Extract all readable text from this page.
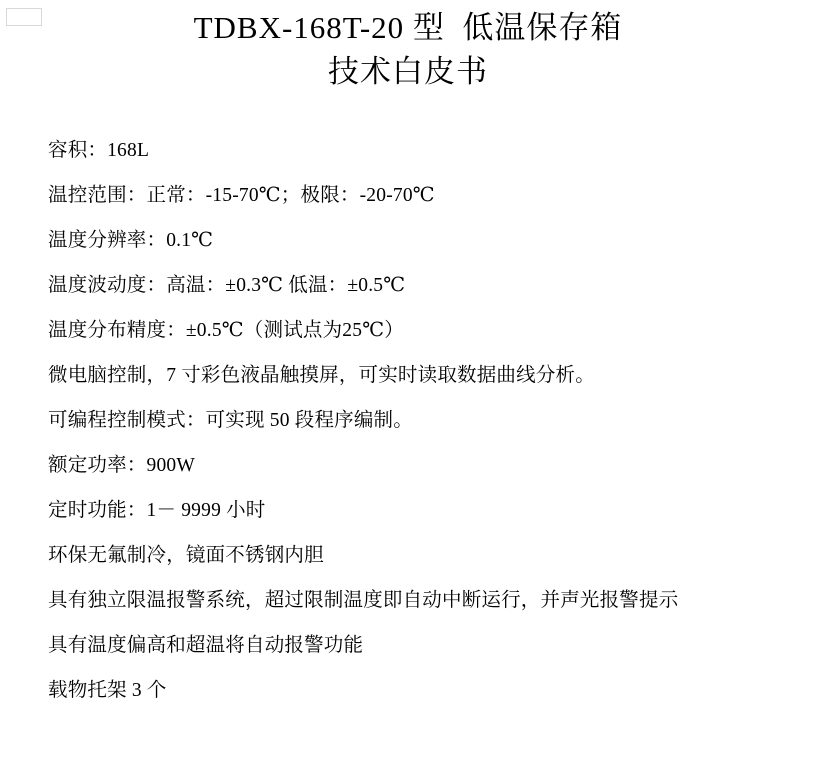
TDBX-168T-20 型  低温保存箱
技术白皮书
容积：168L
温控范围：正常：-15-70℃；极限：-20-70℃
温度分辨率：0.1℃
温度波动度：高温：±0.3℃ 低温：±0.5℃
温度分布精度：±0.5℃（测试点为25℃）
微电脑控制，7 寸彩色液晶触摸屏，可实时读取数据曲线分析。
可编程控制模式：可实现 50 段程序编制。
额定功率：900W
定时功能：1－ 9999 小时
环保无氟制冷，镜面不锈钢内胆
具有独立限温报警系统，超过限制温度即自动中断运行，并声光报警提示
具有温度偏高和超温将自动报警功能
载物托架 3 个
